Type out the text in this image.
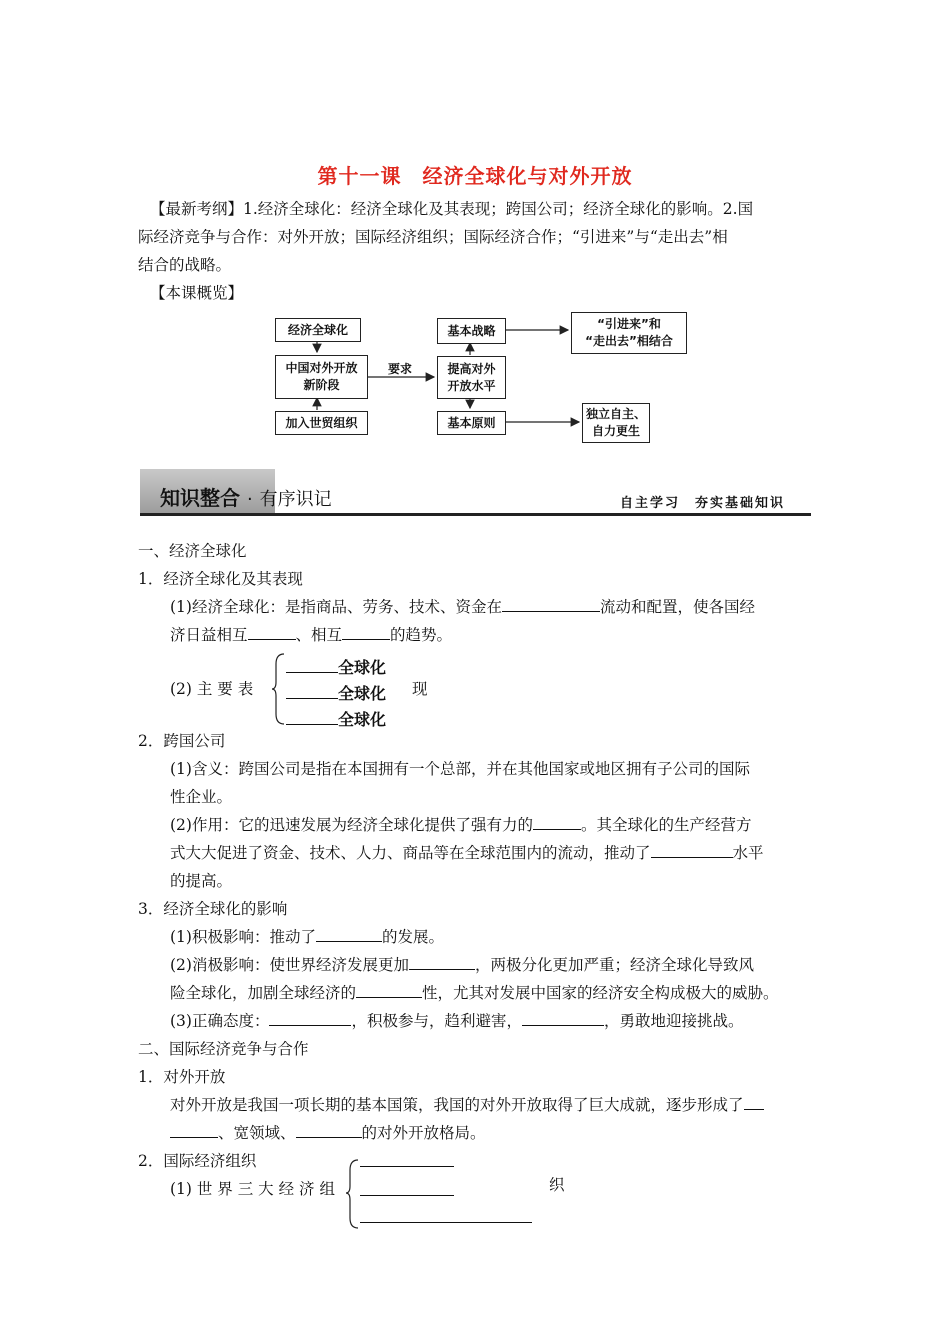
第十一课　经济全球化与对外开放
【最新考纲】1.经济全球化：经济全球化及其表现；跨国公司；经济全球化的影响。2.国
际经济竞争与合作：对外开放；国际经济组织；国际经济合作；“引进来”与“走出去”相
结合的战略。
【本课概览】
经济全球化
中国对外开放
新阶段
加入世贸组织
要求
基本战略
提高对外
开放水平
基本原则
“引进来”和
“走出去”相结合
独立自主、
自力更生
知识整合 · 有序识记	自主学习　夯实基础知识
一、经济全球化
1．经济全球化及其表现
(1)经济全球化：是指商品、劳务、技术、资金在	流动和配置，使各国经
济日益相互	、相互	的趋势。
(2) 主 要 表
全球化
全球化
全球化
现
2．跨国公司
(1)含义：跨国公司是指在本国拥有一个总部，并在其他国家或地区拥有子公司的国际
性企业。
(2)作用：它的迅速发展为经济全球化提供了强有力的	。其全球化的生产经营方
式大大促进了资金、技术、人力、商品等在全球范围内的流动，推动了	水平
的提高。
3．经济全球化的影响
(1)积极影响：推动了	的发展。
(2)消极影响：使世界经济发展更加	，两极分化更加严重；经济全球化导致风
险全球化，加剧全球经济的	性，尤其对发展中国家的经济安全构成极大的威胁。
(3)正确态度：	，积极参与，趋利避害，	，勇敢地迎接挑战。
二、国际经济竞争与合作
1．对外开放
对外开放是我国一项长期的基本国策，我国的对外开放取得了巨大成就，逐步形成了
、宽领域、	的对外开放格局。
2．国际经济组织
(1) 世 界 三 大 经 济 组	织
